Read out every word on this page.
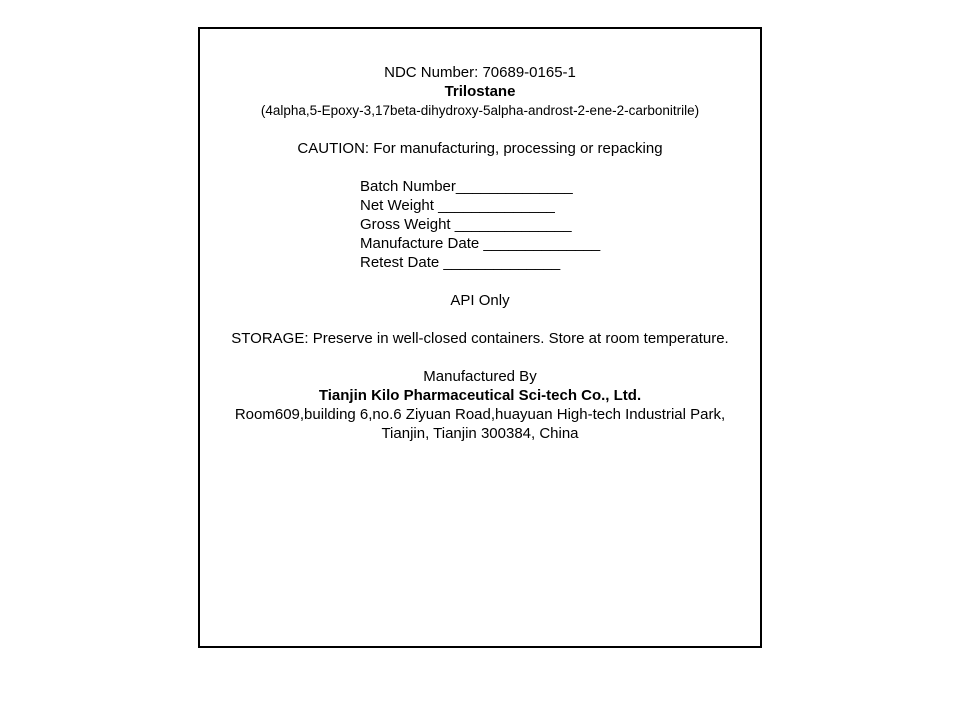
NDC Number: 70689-0165-1
Trilostane
(4alpha,5-Epoxy-3,17beta-dihydroxy-5alpha-androst-2-ene-2-carbonitrile)
CAUTION: For manufacturing, processing or repacking
Batch Number______________
Net Weight ______________
Gross Weight ______________
Manufacture Date ______________
Retest Date ______________
API Only
STORAGE: Preserve in well-closed containers. Store at room temperature.
Manufactured By
Tianjin Kilo Pharmaceutical Sci-tech Co., Ltd.
Room609,building 6,no.6 Ziyuan Road,huayuan High-tech Industrial Park,
Tianjin, Tianjin 300384, China
